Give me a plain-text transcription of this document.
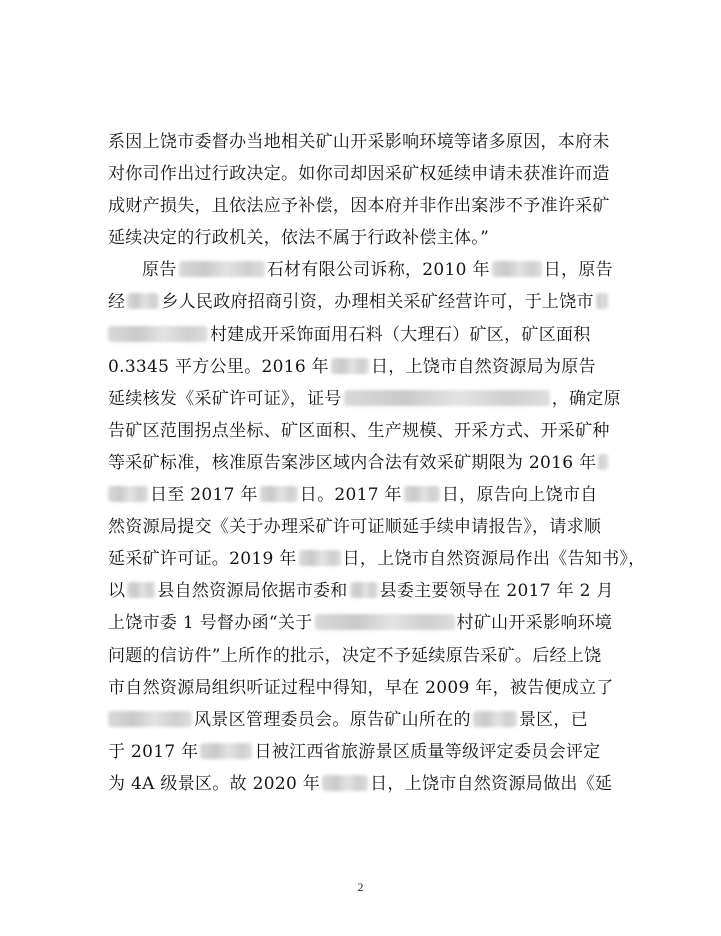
系因上饶市委督办当地相关矿山开采影响环境等诸多原因，本府未
对你司作出过行政决定。如你司却因采矿权延续申请未获准许而造
成财产损失，且依法应予补偿，因本府并非作出案涉不予准许采矿
延续决定的行政机关，依法不属于行政补偿主体。”
原告	石材有限公司诉称，2010 年	日，原告
经 乡人民政府招商引资，办理相关采矿经营许可，于上饶市
村建成开采饰面用石料（大理石）矿区，矿区面积
0.3345 平方公里。2016 年 日，上饶市自然资源局为原告
延续核发《采矿许可证》，证号	，确定原
告矿区范围拐点坐标、矿区面积、生产规模、开采方式、开采矿种
等采矿标准，核准原告案涉区域内合法有效采矿期限为 2016 年
日至 2017 年 日。2017 年 日，原告向上饶市自
然资源局提交《关于办理采矿许可证顺延手续申请报告》，请求顺
延采矿许可证。2019 年	日，上饶市自然资源局作出《告知书》，
以 县自然资源局依据市委和 县委主要领导在 2017 年 2 月
上饶市委 1 号督办函“关于	村矿山开采影响环境
问题的信访件”上所作的批示，决定不予延续原告采矿。后经上饶
市自然资源局组织听证过程中得知，早在 2009 年，被告便成立了
风景区管理委员会。原告矿山所在的	景区，已
于 2017 年	日被江西省旅游景区质量等级评定委员会评定
为 4A 级景区。故 2020 年	日，上饶市自然资源局做出《延
2
